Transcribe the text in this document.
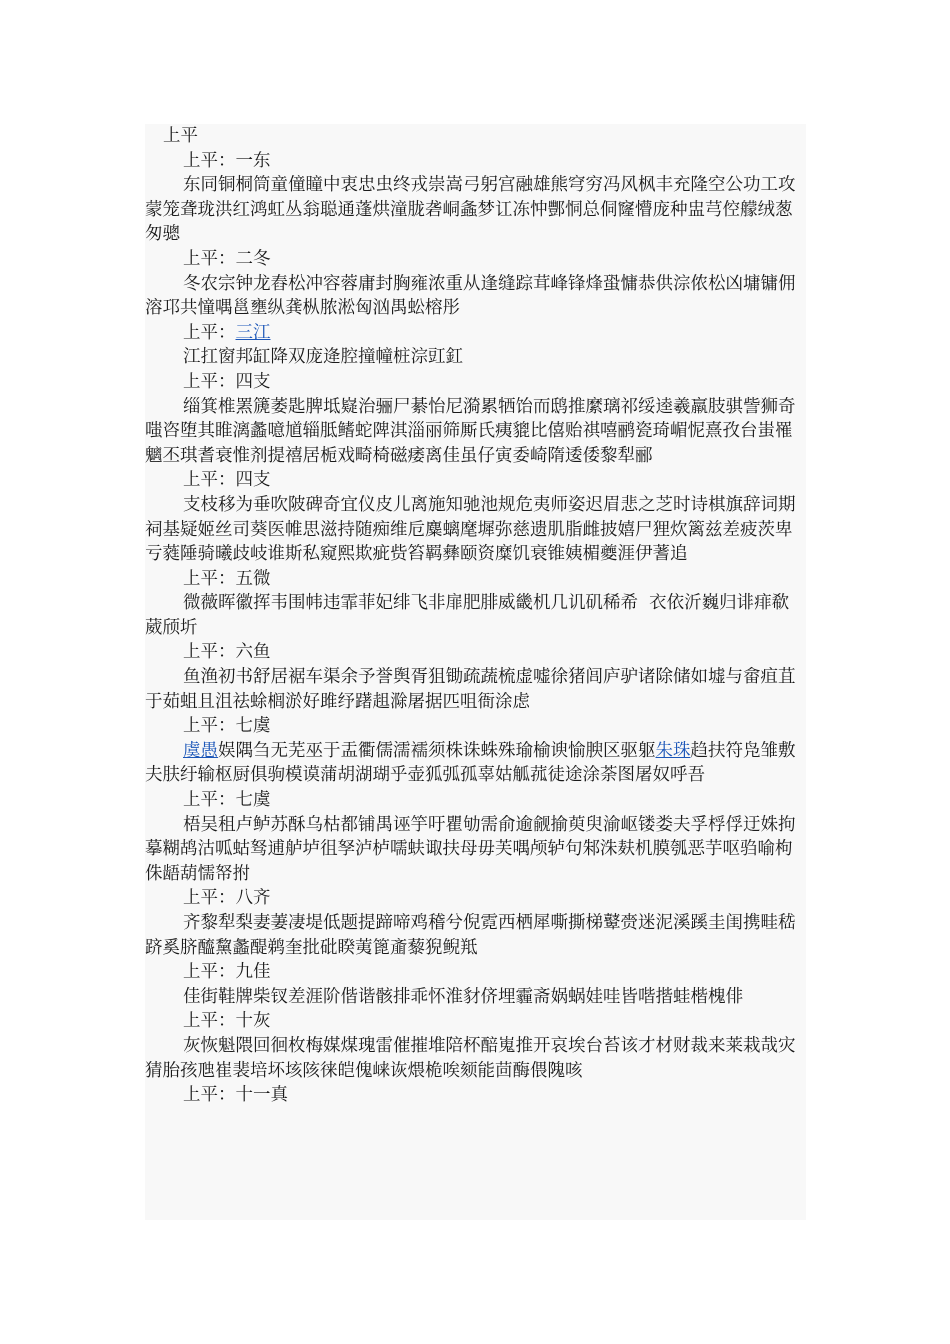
上平

上平：一东

东同铜桐筒童僮瞳中衷忠虫终戎崇嵩弓躬宫融雄熊穹穷冯风枫丰充隆空公功工攻蒙笼聋珑洪红鸿虹丛翁聪通蓬烘潼胧砻峒螽梦讧冻忡酆恫总侗窿懵庞种盅芎倥艨绒葱匆骢

上平：二冬

冬农宗钟龙舂松冲容蓉庸封胸雍浓重从逢缝踪茸峰锋烽蛩慵恭供淙侬松凶墉镛佣溶邛共憧喁邕壅纵龚枞脓淞匈汹禺蚣榕彤

上平：三江

江扛窗邦缸降双庞逄腔撞幢桩淙豇釭

上平：四支

缁箕椎罴篪萎匙脾坻嶷治骊尸綦怡尼漪累牺饴而鸱推縻璃祁绥逵羲羸肢骐訾狮奇嗤咨堕其睢漓蠡噫馗辎胝鳍蛇陴淇淄丽筛厮氏痍貔比僖贻祺嘻鹂瓷琦嵋怩熹孜台蚩罹魑丕琪耆衰惟剂提禧居栀戏畸椅磁痿离佳虽仔寅委崎隋逶倭黎犁郦

上平：四支

支枝移为垂吹陂碑奇宜仪皮儿离施知驰池规危夷师姿迟眉悲之芝时诗棋旗辞词期祠基疑姬丝司葵医帷思滋持随痴维卮麋螭麾墀弥慈遗肌脂雌披嬉尸狸炊篱兹差疲茨卑亏蕤陲骑曦歧岐谁斯私窥熙欺疵赀笞羁彝颐资糜饥衰锥姨楣夔涯伊蓍追

上平：五微

微薇晖徽挥韦围帏违霏菲妃绯飞非扉肥腓威畿机几讥矶稀希  衣依沂巍归诽痱欷葳颀圻

上平：六鱼

鱼渔初书舒居裾车渠余予誉舆胥狙锄疏蔬梳虚嘘徐猪闾庐驴诸除储如墟与畲疽苴于茹蛆且沮祛蜍榈淤好雎纾躇趄滁屠据匹咀衙涂虑

上平：七虞

虞愚娱隅刍无芜巫于盂衢儒濡襦须株诛蛛殊瑜榆谀愉腴区驱躯朱珠趋扶符凫雏敷夫肤纡输枢厨俱驹模谟蒲胡湖瑚乎壶狐弧孤辜姑觚菰徒途涂荼图屠奴呼吾

上平：七虞

梧吴租卢鲈苏酥乌枯都铺禺诬竽吁瞿劬需俞逾觎揄萸臾渝岖镂娄夫孚桴俘迂姝拘摹糊鸪沽呱蛄驽逋舻垆徂孥泸栌嚅蚨诹扶母毋芙喁颅轳句邾洙麸机膜瓠恶芋呕驺喻枸侏龉葫懦帑拊

上平：八齐

齐黎犁梨妻萋凄堤低题提蹄啼鸡稽兮倪霓西栖犀嘶撕梯鼙赍迷泥溪蹊圭闺携畦嵇跻奚脐醯黧蠡醍鹈奎批砒睽荑篦齑藜猊鲵羝

上平：九佳

佳街鞋牌柴钗差涯阶偕谐骸排乖怀淮豺侪埋霾斋娲蜗娃哇皆喈揩蛙楷槐俳

上平：十灰

灰恢魁隈回徊枚梅媒煤瑰雷催摧堆陪杯醅嵬推开哀埃台苔该才材财裁来莱栽哉灾猜胎孩虺崔裴培坏垓陔徕皑傀崃诙煨桅唉颏能茴酶偎隗咳

上平：十一真
